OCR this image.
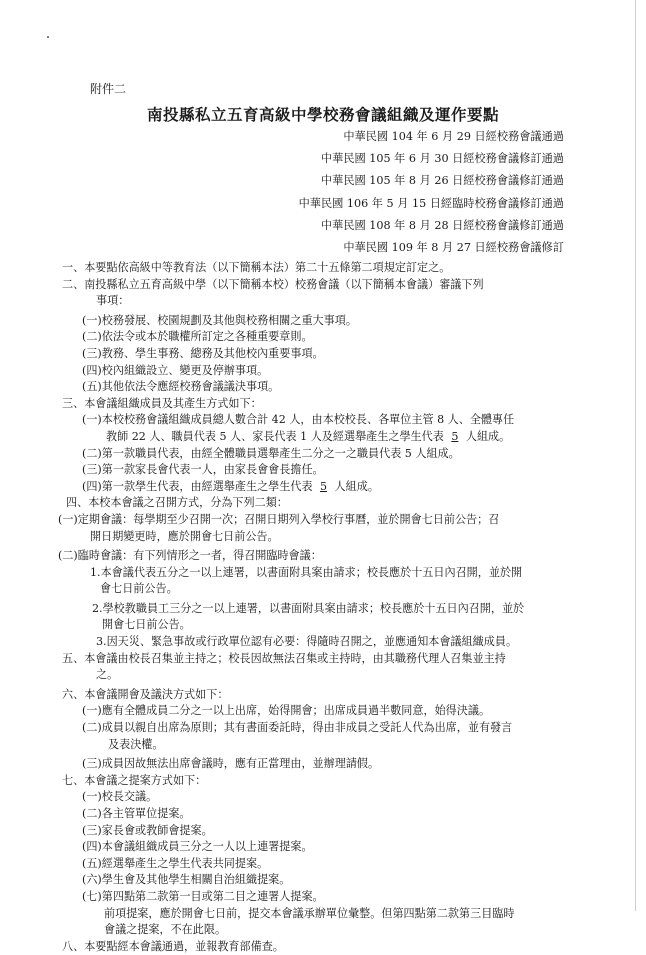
附件二
南投縣私立五育高級中學校務會議組織及運作要點
中華民國 104 年 6 月 29 日經校務會議通過
中華民國 105 年 6 月 30 日經校務會議修訂通過
中華民國 105 年 8 月 26 日經校務會議修訂通過
中華民國 106 年 5 月 15 日經臨時校務會議修訂通過
中華民國 108 年 8 月 28 日經校務會議修訂通過
中華民國 109 年 8 月 27 日經校務會議修訂
一、本要點依高級中等教育法（以下簡稱本法）第二十五條第二項規定訂定之。
二、南投縣私立五育高級中學（以下簡稱本校）校務會議（以下簡稱本會議）審議下列
事項：
(一)校務發展、校園規劃及其他與校務相關之重大事項。
(二)依法令或本於職權所訂定之各種重要章則。
(三)教務、學生事務、總務及其他校內重要事項。
(四)校內組織設立、變更及停辦事項。
(五)其他依法令應經校務會議議決事項。
三、本會議組織成員及其產生方式如下：
(一)本校校務會議組織成員總人數合計 42 人，由本校校長、各單位主管 8 人、全體專任
教師 22 人、職員代表 5 人、家長代表 1 人及經選舉產生之學生代表 5 人組成。
(二)第一款職員代表，由經全體職員選舉產生二分之一之職員代表 5 人組成。
(三)第一款家長會代表一人，由家長會會長擔任。
(四)第一款學生代表，由經選舉產生之學生代表 5 人組成。
四、本校本會議之召開方式，分為下列二類：
(一)定期會議：每學期至少召開一次；召開日期列入學校行事曆，並於開會七日前公告；召
開日期變更時，應於開會七日前公告。
(二)臨時會議：有下列情形之一者，得召開臨時會議：
1.本會議代表五分之一以上連署，以書面附具案由請求；校長應於十五日內召開，並於開
會七日前公告。
2.學校教職員工三分之一以上連署，以書面附具案由請求；校長應於十五日內召開，並於
開會七日前公告。
3.因天災、緊急事故或行政單位認有必要：得隨時召開之，並應通知本會議組織成員。
五、本會議由校長召集並主持之；校長因故無法召集或主持時，由其職務代理人召集並主持
之。
六、本會議開會及議決方式如下：
(一)應有全體成員二分之一以上出席，始得開會；出席成員過半數同意，始得決議。
(二)成員以親自出席為原則；其有書面委託時，得由非成員之受託人代為出席，並有發言
及表決權。
(三)成員因故無法出席會議時，應有正當理由，並辦理請假。
七、本會議之提案方式如下：
(一)校長交議。
(二)各主管單位提案。
(三)家長會或教師會提案。
(四)本會議組織成員三分之一人以上連署提案。
(五)經選舉產生之學生代表共同提案。
(六)學生會及其他學生相關自治組織提案。
(七)第四點第二款第一目或第二目之連署人提案。
前項提案，應於開會七日前，提交本會議承辦單位彙整。但第四點第二款第三目臨時
會議之提案，不在此限。
八、本要點經本會議通過，並報教育部備查。
